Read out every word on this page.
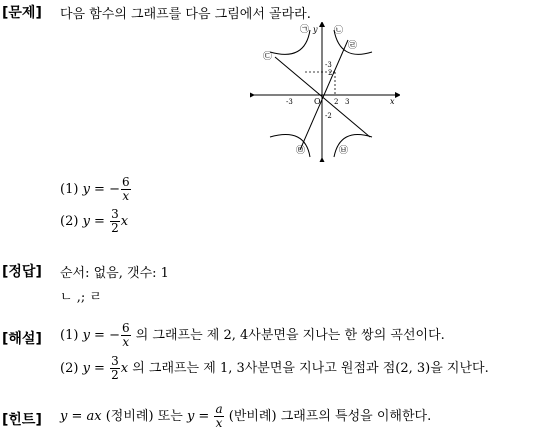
[문제] 다음 함수의 그래프를 다음 그림에서 골라라.
x
y
O
-3
-3
2
2 3
-2
㉠	㉡
㉢
㉣
㉤	㉥
(1) y = − $\frac{6}{x}$
(2) $y = \frac{3}{2}$ x
[정답] 순서: 없음, 갯수: 1
ㄴ ,; ㄹ
[해설] (1) y = − $\frac{6}{x}$ 의 그래프는 제 2, 4사분면을 지나는 한 쌍의 곡선이다.
(2) $y = \frac{3}{2}$ x 의 그래프는 제 1, 3사분면을 지나고 원점과 점(2, 3)을 지난다.
[힌트] y = ax (정비례) 또는 $y = \frac{a}{x}$ (반비례) 그래프의 특성을 이해한다.
